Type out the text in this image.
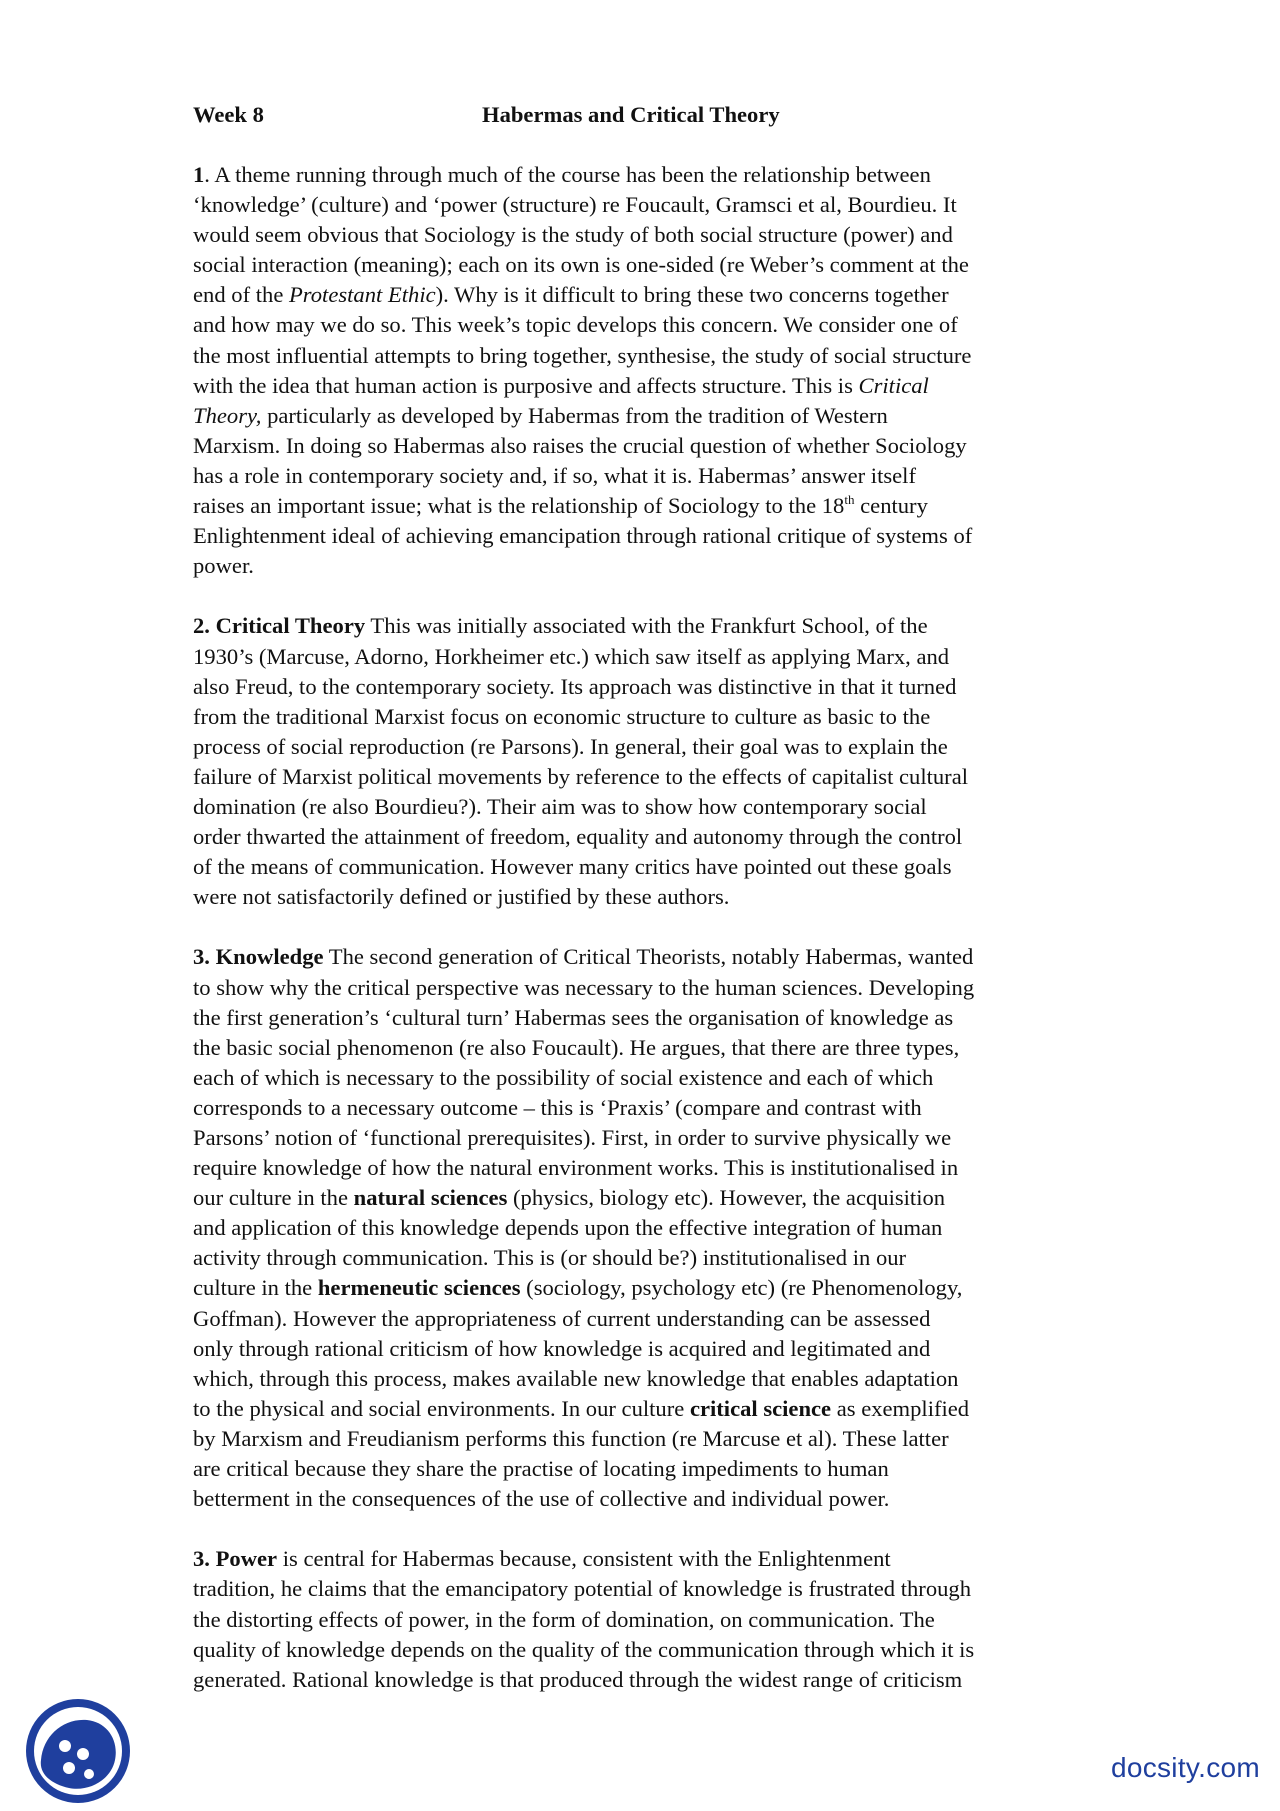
Week 8	Habermas and Critical Theory
1. A theme running through much of the course has been the relationship between
‘knowledge’ (culture) and ‘power (structure) re Foucault, Gramsci et al, Bourdieu. It
would seem obvious that Sociology is the study of both social structure (power) and
social interaction (meaning); each on its own is one-sided (re Weber’s comment at the
end of the Protestant Ethic). Why is it difficult to bring these two concerns together
and how may we do so. This week’s topic develops this concern. We consider one of
the most influential attempts to bring together, synthesise, the study of social structure
with the idea that human action is purposive and affects structure. This is Critical
Theory, particularly as developed by Habermas from the tradition of Western
Marxism. In doing so Habermas also raises the crucial question of whether Sociology
has a role in contemporary society and, if so, what it is. Habermas’ answer itself
raises an important issue; what is the relationship of Sociology to the 18th century
Enlightenment ideal of achieving emancipation through rational critique of systems of
power.
2. Critical Theory This was initially associated with the Frankfurt School, of the
1930’s (Marcuse, Adorno, Horkheimer etc.) which saw itself as applying Marx, and
also Freud, to the contemporary society. Its approach was distinctive in that it turned
from the traditional Marxist focus on economic structure to culture as basic to the
process of social reproduction (re Parsons). In general, their goal was to explain the
failure of Marxist political movements by reference to the effects of capitalist cultural
domination (re also Bourdieu?). Their aim was to show how contemporary social
order thwarted the attainment of freedom, equality and autonomy through the control
of the means of communication. However many critics have pointed out these goals
were not satisfactorily defined or justified by these authors.
3. Knowledge The second generation of Critical Theorists, notably Habermas, wanted
to show why the critical perspective was necessary to the human sciences. Developing
the first generation’s ‘cultural turn’ Habermas sees the organisation of knowledge as
the basic social phenomenon (re also Foucault). He argues, that there are three types,
each of which is necessary to the possibility of social existence and each of which
corresponds to a necessary outcome – this is ‘Praxis’ (compare and contrast with
Parsons’ notion of ‘functional prerequisites). First, in order to survive physically we
require knowledge of how the natural environment works. This is institutionalised in
our culture in the natural sciences (physics, biology etc). However, the acquisition
and application of this knowledge depends upon the effective integration of human
activity through communication. This is (or should be?) institutionalised in our
culture in the hermeneutic sciences (sociology, psychology etc) (re Phenomenology,
Goffman). However the appropriateness of current understanding can be assessed
only through rational criticism of how knowledge is acquired and legitimated and
which, through this process, makes available new knowledge that enables adaptation
to the physical and social environments. In our culture critical science as exemplified
by Marxism and Freudianism performs this function (re Marcuse et al). These latter
are critical because they share the practise of locating impediments to human
betterment in the consequences of the use of collective and individual power.
3. Power is central for Habermas because, consistent with the Enlightenment
tradition, he claims that the emancipatory potential of knowledge is frustrated through
the distorting effects of power, in the form of domination, on communication. The
quality of knowledge depends on the quality of the communication through which it is
generated. Rational knowledge is that produced through the widest range of criticism
docsity.com
